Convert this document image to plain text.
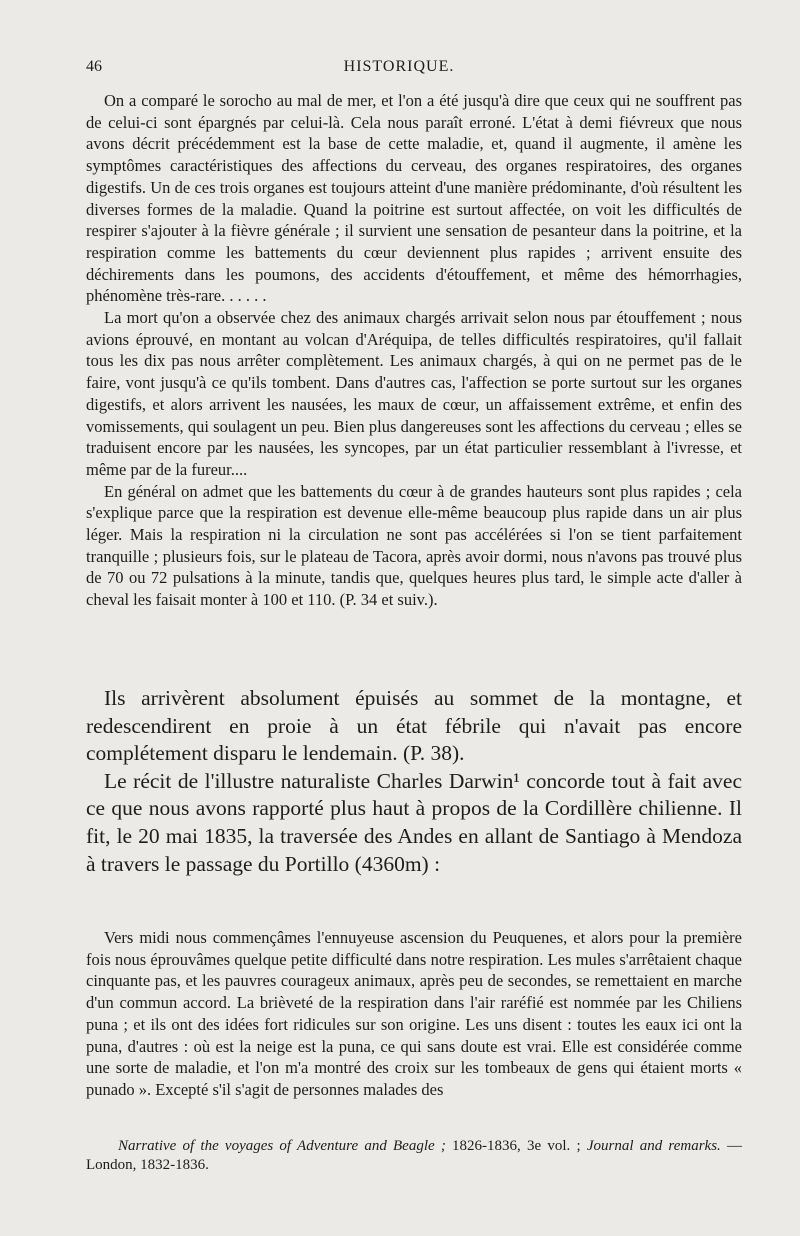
46	HISTORIQUE.

On a comparé le sorocho au mal de mer, et l'on a été jusqu'à dire que ceux qui ne souffrent pas de celui-ci sont épargnés par celui-là. Cela nous paraît erroné. L'état à demi fiévreux que nous avons décrit précédemment est la base de cette maladie, et, quand il augmente, il amène les symptômes caractéristiques des affections du cerveau, des organes respiratoires, des organes digestifs. Un de ces trois organes est toujours atteint d'une manière prédominante, d'où résultent les diverses formes de la maladie. Quand la poitrine est surtout affectée, on voit les difficultés de respirer s'ajouter à la fièvre générale ; il survient une sensation de pesanteur dans la poitrine, et la respiration comme les battements du cœur deviennent plus rapides ; arrivent ensuite des déchirements dans les poumons, des accidents d'étouffement, et même des hémorrhagies, phénomène très-rare. . . . . .

La mort qu'on a observée chez des animaux chargés arrivait selon nous par étouffement ; nous avions éprouvé, en montant au volcan d'Aréquipa, de telles difficultés respiratoires, qu'il fallait tous les dix pas nous arrêter complètement. Les animaux chargés, à qui on ne permet pas de le faire, vont jusqu'à ce qu'ils tombent. Dans d'autres cas, l'affection se porte surtout sur les organes digestifs, et alors arrivent les nausées, les maux de cœur, un affaissement extrême, et enfin des vomissements, qui soulagent un peu. Bien plus dangereuses sont les affections du cerveau ; elles se traduisent encore par les nausées, les syncopes, par un état particulier ressemblant à l'ivresse, et même par de la fureur....

En général on admet que les battements du cœur à de grandes hauteurs sont plus rapides ; cela s'explique parce que la respiration est devenue elle-même beaucoup plus rapide dans un air plus léger. Mais la respiration ni la circulation ne sont pas accélérées si l'on se tient parfaitement tranquille ; plusieurs fois, sur le plateau de Tacora, après avoir dormi, nous n'avons pas trouvé plus de 70 ou 72 pulsations à la minute, tandis que, quelques heures plus tard, le simple acte d'aller à cheval les faisait monter à 100 et 110. (P. 34 et suiv.).

Ils arrivèrent absolument épuisés au sommet de la montagne, et redescendirent en proie à un état fébrile qui n'avait pas encore complétement disparu le lendemain. (P. 38).

Le récit de l'illustre naturaliste Charles Darwin¹ concorde tout à fait avec ce que nous avons rapporté plus haut à propos de la Cordillère chilienne. Il fit, le 20 mai 1835, la traversée des Andes en allant de Santiago à Mendoza à travers le passage du Portillo (4360m) :

Vers midi nous commençâmes l'ennuyeuse ascension du Peuquenes, et alors pour la première fois nous éprouvâmes quelque petite difficulté dans notre respiration. Les mules s'arrêtaient chaque cinquante pas, et les pauvres courageux animaux, après peu de secondes, se remettaient en marche d'un commun accord. La brièveté de la respiration dans l'air raréfié est nommée par les Chiliens puna ; et ils ont des idées fort ridicules sur son origine. Les uns disent : toutes les eaux ici ont la puna, d'autres : où est la neige est la puna, ce qui sans doute est vrai. Elle est considérée comme une sorte de maladie, et l'on m'a montré des croix sur les tombeaux de gens qui étaient morts « punado ». Excepté s'il s'agit de personnes malades des

Narrative of the voyages of Adventure and Beagle ; 1826-1836, 3e vol. ; Journal and remarks. — London, 1832-1836.
